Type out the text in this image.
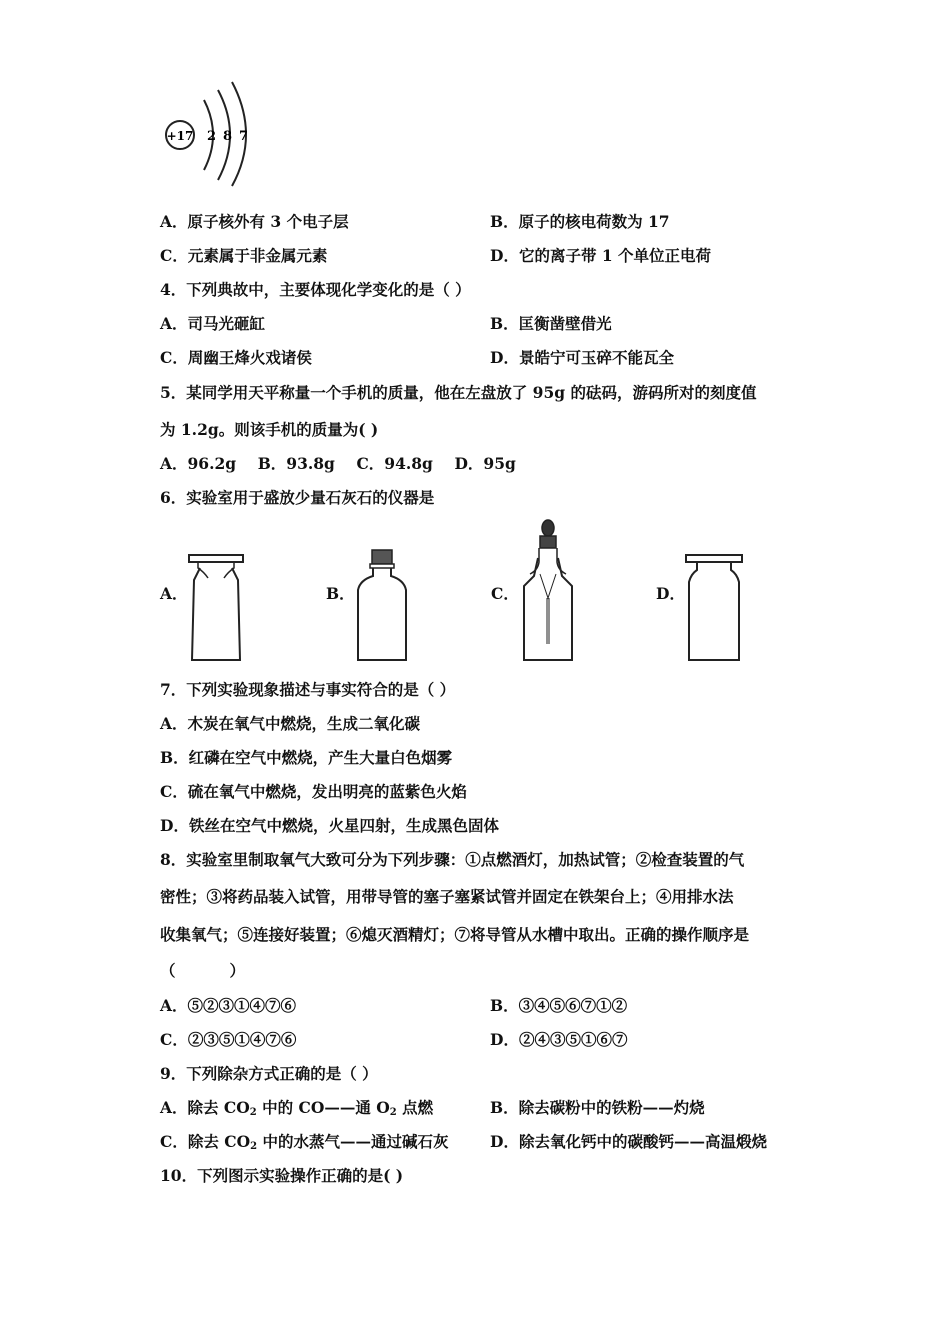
+17 2 8 7
A．原子核外有 3 个电子层	B．原子的核电荷数为 17
C．元素属于非金属元素	D．它的离子带 1 个单位正电荷
4．下列典故中，主要体现化学变化的是（ ）
A．司马光砸缸	B．匡衡凿壁借光
C．周幽王烽火戏诸侯	D．景皓宁可玉碎不能瓦全
5．某同学用天平称量一个手机的质量，他在左盘放了 95g 的砝码，游码所对的刻度值
为 1.2g。则该手机的质量为( )
A．96.2g    B．93.8g    C．94.8g    D．95g
6．实验室用于盛放少量石灰石的仪器是
A．	B．	C．	D．
7．下列实验现象描述与事实符合的是（ ）
A．木炭在氧气中燃烧，生成二氧化碳
B．红磷在空气中燃烧，产生大量白色烟雾
C．硫在氧气中燃烧，发出明亮的蓝紫色火焰
D．铁丝在空气中燃烧，火星四射，生成黑色固体
8．实验室里制取氧气大致可分为下列步骤：①点燃酒灯，加热试管；②检查装置的气
密性；③将药品装入试管，用带导管的塞子塞紧试管并固定在铁架台上；④用排水法
收集氧气；⑤连接好装置；⑥熄灭酒精灯；⑦将导管从水槽中取出。正确的操作顺序是
（          ）
A．⑤②③①④⑦⑥	B．③④⑤⑥⑦①②
C．②③⑤①④⑦⑥	D．②④③⑤①⑥⑦
9．下列除杂方式正确的是（ ）
A．除去 $CO_2$ 中的 CO——通 $O_2$ 点燃	B．除去碳粉中的铁粉——灼烧
C．除去 $CO_2$ 中的水蒸气——通过碱石灰	D．除去氧化钙中的碳酸钙——高温煅烧
10．下列图示实验操作正确的是( )
